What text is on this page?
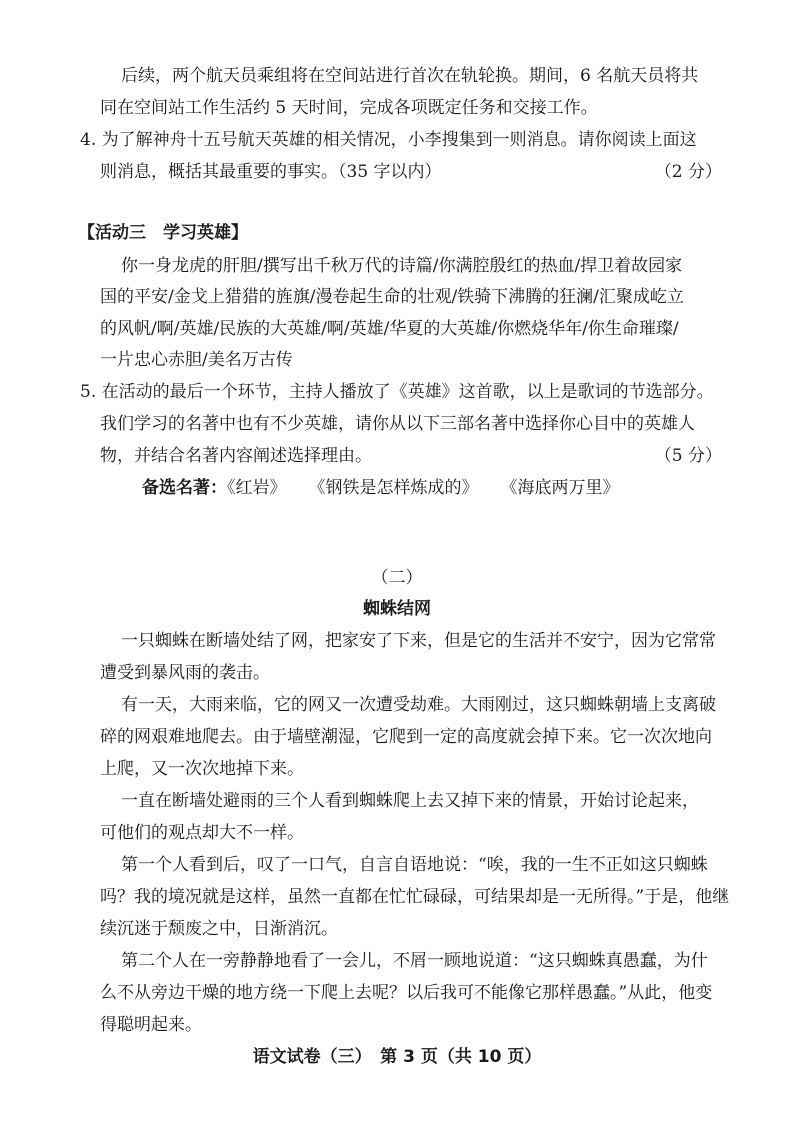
后续，两个航天员乘组将在空间站进行首次在轨轮换。期间，6 名航天员将共
同在空间站工作生活约 5 天时间，完成各项既定任务和交接工作。
4. 为了解神舟十五号航天英雄的相关情况，小李搜集到一则消息。请你阅读上面这
则消息，概括其最重要的事实。（35 字以内）	（2 分）
【活动三　学习英雄】
你一身龙虎的肝胆/撰写出千秋万代的诗篇/你满腔殷红的热血/捍卫着故园家
国的平安/金戈上猎猎的旌旗/漫卷起生命的壮观/铁骑下沸腾的狂澜/汇聚成屹立
的风帆/啊/英雄/民族的大英雄/啊/英雄/华夏的大英雄/你燃烧华年/你生命璀璨/
一片忠心赤胆/美名万古传
5. 在活动的最后一个环节，主持人播放了《英雄》这首歌，以上是歌词的节选部分。
我们学习的名著中也有不少英雄，请你从以下三部名著中选择你心目中的英雄人
物，并结合名著内容阐述选择理由。	（5 分）
备选名著：《红岩》 《钢铁是怎样炼成的》 《海底两万里》
（二）
蜘蛛结网
一只蜘蛛在断墙处结了网，把家安了下来，但是它的生活并不安宁，因为它常常
遭受到暴风雨的袭击。
有一天，大雨来临，它的网又一次遭受劫难。大雨刚过，这只蜘蛛朝墙上支离破
碎的网艰难地爬去。由于墙壁潮湿，它爬到一定的高度就会掉下来。它一次次地向
上爬，又一次次地掉下来。
一直在断墙处避雨的三个人看到蜘蛛爬上去又掉下来的情景，开始讨论起来，
可他们的观点却大不一样。
第一个人看到后，叹了一口气，自言自语地说：“唉，我的一生不正如这只蜘蛛
吗？我的境况就是这样，虽然一直都在忙忙碌碌，可结果却是一无所得。”于是，他继
续沉迷于颓废之中，日渐消沉。
第二个人在一旁静静地看了一会儿，不屑一顾地说道：“这只蜘蛛真愚蠢，为什
么不从旁边干燥的地方绕一下爬上去呢？以后我可不能像它那样愚蠢。”从此，他变
得聪明起来。
语文试卷（三）　第 3 页（共 10 页）
